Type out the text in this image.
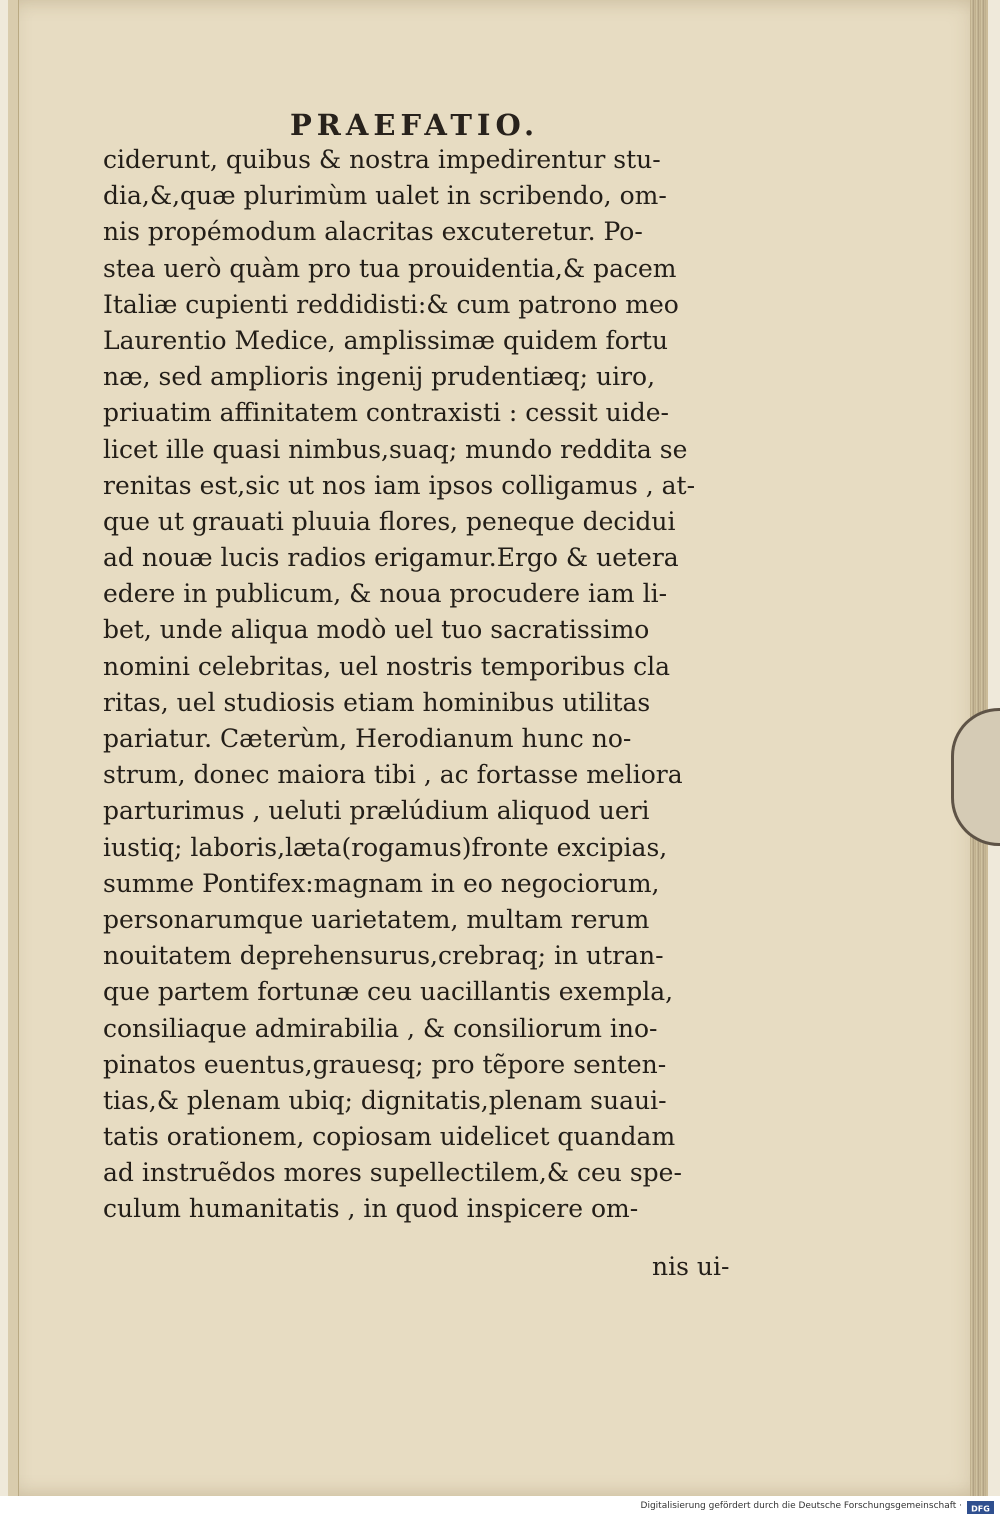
PRAEFATIO.
ciderunt, quibus & nostra impedirentur stu-
dia,&,quæ plurimùm ualet in scribendo, om-
nis propémodum alacritas excuteretur. Po-
stea uerò quàm pro tua prouidentia,& pacem
Italiæ cupienti reddidisti:& cum patrono meo
Laurentio Medice, amplissimæ quidem fortu
næ, sed amplioris ingenij prudentiæq; uiro,
priuatim affinitatem contraxisti : cessit uide-
licet ille quasi nimbus,suaq; mundo reddita se
renitas est,sic ut nos iam ipsos colligamus , at-
que ut grauati pluuia flores, peneque decidui
ad nouæ lucis radios erigamur.Ergo & uetera
edere in publicum, & noua procudere iam li-
bet, unde aliqua modò uel tuo sacratissimo
nomini celebritas, uel nostris temporibus cla
ritas, uel studiosis etiam hominibus utilitas
pariatur. Cæterùm, Herodianum hunc no-
strum, donec maiora tibi , ac fortasse meliora
parturimus , ueluti prælúdium aliquod ueri
iustiq; laboris,læta(rogamus)fronte excipias,
summe Pontifex:magnam in eo negociorum,
personarumque uarietatem, multam rerum
nouitatem deprehensurus,crebraq; in utran-
que partem fortunæ ceu uacillantis exempla,
consiliaque admirabilia , & consiliorum ino-
pinatos euentus,grauesq; pro tẽpore senten-
tias,& plenam ubiq; dignitatis,plenam suaui-
tatis orationem, copiosam uidelicet quandam
ad instruẽdos mores supellectilem,& ceu spe-
culum humanitatis , in quod inspicere om-
nis ui-
Digitalisierung gefördert durch die Deutsche Forschungsgemeinschaft · DFG
